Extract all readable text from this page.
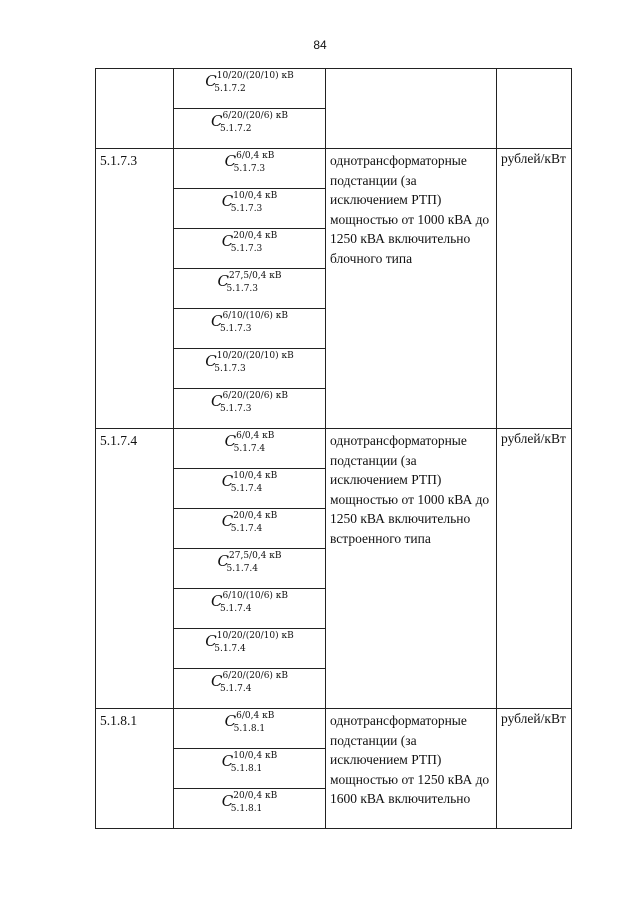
84

	$C^{10/20/(20/10) кВ}$
5.1.7.2		

	$C^{6/20/(20/6) кВ}$
5.1.7.2		

5.1.7.3	$C^{6/0,4 кВ}$
5.1.7.3	однотрансформаторные подстанции (за исключением РТП) мощностью от 1000 кВА до 1250 кВА включительно блочного типа	рублей/кВт

	$C^{10/0,4 кВ}$
5.1.7.3		

	$C^{20/0,4 кВ}$
5.1.7.3		

	$C^{27,5/0,4 кВ}$
5.1.7.3		

	$C^{6/10/(10/6) кВ}$
5.1.7.3		

	$C^{10/20/(20/10) кВ}$
5.1.7.3		

	$C^{6/20/(20/6) кВ}$
5.1.7.3		

5.1.7.4	$C^{6/0,4 кВ}$
5.1.7.4	однотрансформаторные подстанции (за исключением РТП) мощностью от 1000 кВА до 1250 кВА включительно встроенного типа	рублей/кВт

	$C^{10/0,4 кВ}$
5.1.7.4		

	$C^{20/0,4 кВ}$
5.1.7.4		

	$C^{27,5/0,4 кВ}$
5.1.7.4		

	$C^{6/10/(10/6) кВ}$
5.1.7.4		

	$C^{10/20/(20/10) кВ}$
5.1.7.4		

	$C^{6/20/(20/6) кВ}$
5.1.7.4		

5.1.8.1	$C^{6/0,4 кВ}$
5.1.8.1	однотрансформаторные подстанции (за исключением РТП) мощностью от 1250 кВА до 1600 кВА включительно	рублей/кВт

	$C^{10/0,4 кВ}$
5.1.8.1		

	$C^{20/0,4 кВ}$
5.1.8.1		
